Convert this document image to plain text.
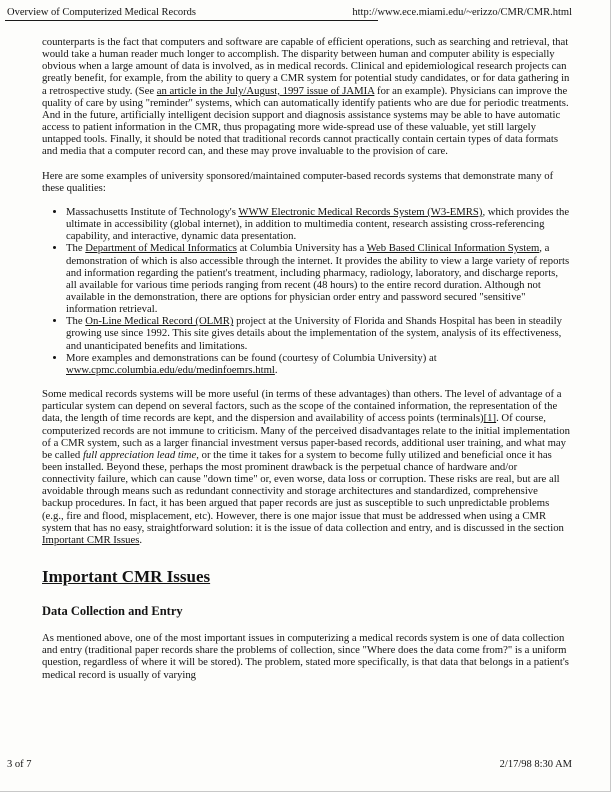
Overview of Computerized Medical Records	http://www.ece.miami.edu/~erizzo/CMR/CMR.html

counterparts is the fact that computers and software are capable of efficient operations, such as searching and retrieval, that would take a human reader much longer to accomplish. The disparity between human and computer ability is especially obvious when a large amount of data is involved, as in medical records. Clinical and epidemiological research projects can greatly benefit, for example, from the ability to query a CMR system for potential study candidates, or for data gathering in a retrospective study. (See an article in the July/August, 1997 issue of JAMIA for an example). Physicians can improve the quality of care by using "reminder" systems, which can automatically identify patients who are due for periodic treatments. And in the future, artificially intelligent decision support and diagnosis assistance systems may be able to have automatic access to patient information in the CMR, thus propagating more wide-spread use of these valuable, yet still largely untapped tools. Finally, it should be noted that traditional records cannot practically contain certain types of data formats and media that a computer record can, and these may prove invaluable to the provision of care.

Here are some examples of university sponsored/maintained computer-based records systems that demonstrate many of these qualities:

• Massachusetts Institute of Technology's WWW Electronic Medical Records System (W3-EMRS), which provides the ultimate in accessibility (global internet), in addition to multimedia content, research assisting cross-referencing capability, and interactive, dynamic data presentation.
• The Department of Medical Informatics at Columbia University has a Web Based Clinical Information System, a demonstration of which is also accessible through the internet. It provides the ability to view a large variety of reports and information regarding the patient's treatment, including pharmacy, radiology, laboratory, and discharge reports, all available for various time periods ranging from recent (48 hours) to the entire record duration. Although not available in the demonstration, there are options for physician order entry and password secured "sensitive" information retrieval.
• The On-Line Medical Record (OLMR) project at the University of Florida and Shands Hospital has been in steadily growing use since 1992. This site gives details about the implementation of the system, analysis of its effectiveness, and unanticipated benefits and limitations.
• More examples and demonstrations can be found (courtesy of Columbia University) at www.cpmc.columbia.edu/edu/medinfoemrs.html.

Some medical records systems will be more useful (in terms of these advantages) than others. The level of advantage of a particular system can depend on several factors, such as the scope of the contained information, the representation of the data, the length of time records are kept, and the dispersion and availability of access points (terminals)[1]. Of course, computerized records are not immune to criticism. Many of the perceived disadvantages relate to the initial implementation of a CMR system, such as a larger financial investment versus paper-based records, additional user training, and what may be called full appreciation lead time, or the time it takes for a system to become fully utilized and beneficial once it has been installed. Beyond these, perhaps the most prominent drawback is the perpetual chance of hardware and/or connectivity failure, which can cause "down time" or, even worse, data loss or corruption. These risks are real, but are all avoidable through means such as redundant connectivity and storage architectures and standardized, comprehensive backup procedures. In fact, it has been argued that paper records are just as susceptible to such unpredictable problems (e.g., fire and flood, misplacement, etc). However, there is one major issue that must be addressed when using a CMR system that has no easy, straightforward solution: it is the issue of data collection and entry, and is discussed in the section Important CMR Issues.

Important CMR Issues
Data Collection and Entry

As mentioned above, one of the most important issues in computerizing a medical records system is one of data collection and entry (traditional paper records share the problems of collection, since "Where does the data come from?" is a uniform question, regardless of where it will be stored). The problem, stated more specifically, is that data that belongs in a patient's medical record is usually of varying

3 of 7	2/17/98 8:30 AM
